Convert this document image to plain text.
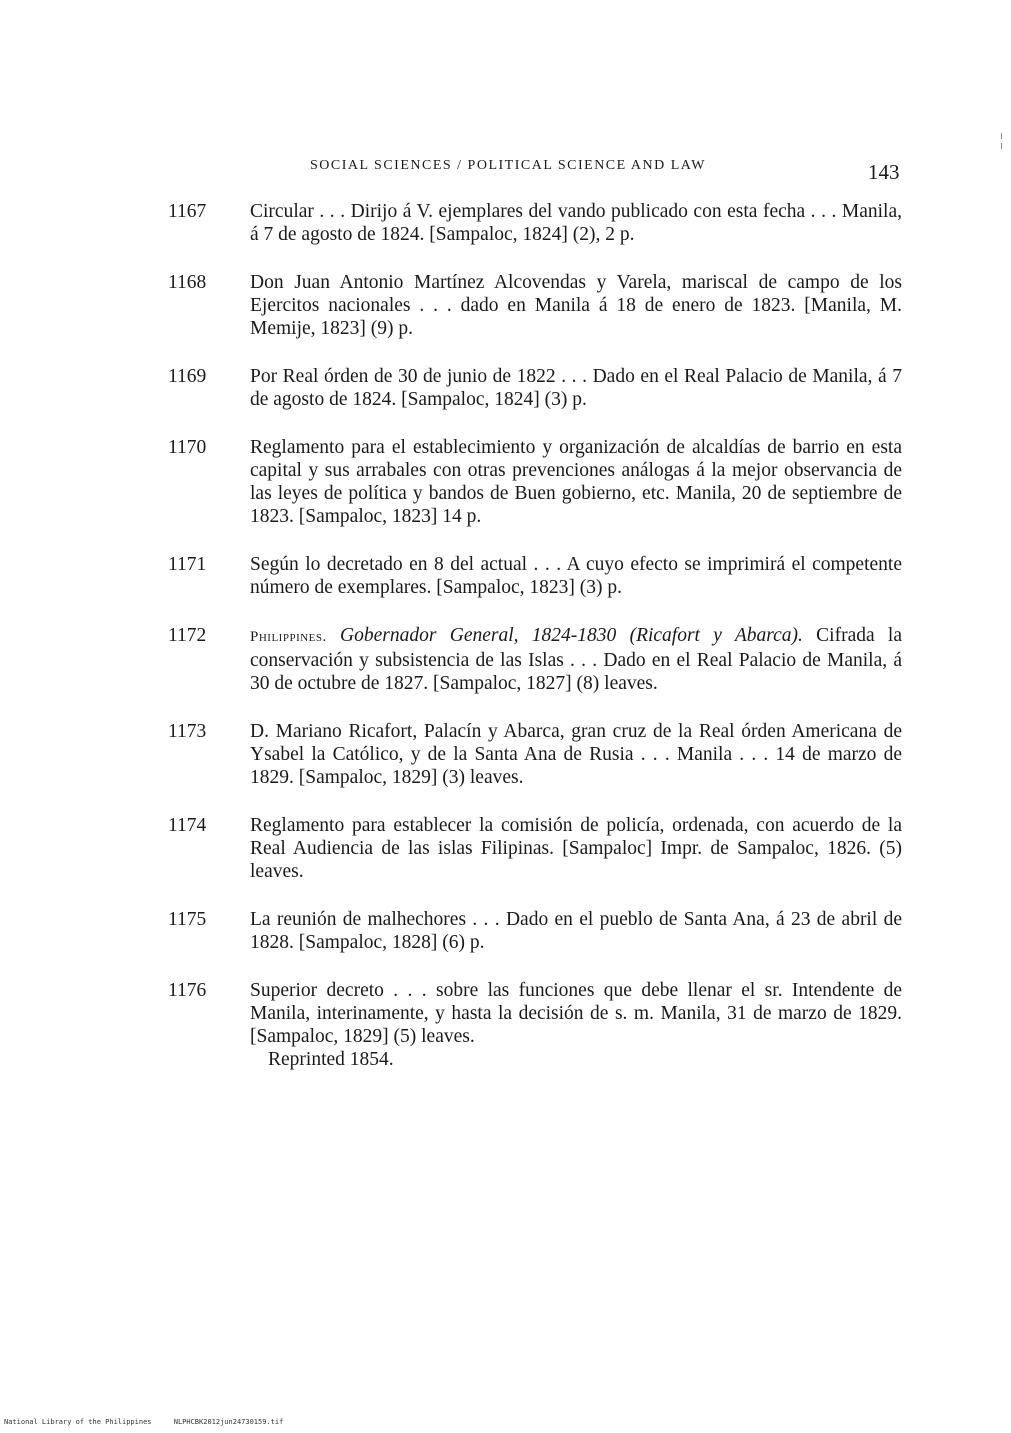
SOCIAL SCIENCES / POLITICAL SCIENCE AND LAW	143
1167	Circular . . . Dirijo á V. ejemplares del vando publicado con esta fecha . . . Manila, á 7 de agosto de 1824. [Sampaloc, 1824] (2), 2 p.
1168	Don Juan Antonio Martínez Alcovendas y Varela, mariscal de campo de los Ejercitos nacionales . . . dado en Manila á 18 de enero de 1823. [Manila, M. Memije, 1823] (9) p.
1169	Por Real órden de 30 de junio de 1822 . . . Dado en el Real Palacio de Manila, á 7 de agosto de 1824. [Sampaloc, 1824] (3) p.
1170	Reglamento para el establecimiento y organización de alcaldías de barrio en esta capital y sus arrabales con otras prevenciones análogas á la mejor observancia de las leyes de política y bandos de Buen gobierno, etc. Manila, 20 de septiembre de 1823. [Sampaloc, 1823] 14 p.
1171	Según lo decretado en 8 del actual . . . A cuyo efecto se imprimirá el competente número de exemplares. [Sampaloc, 1823] (3) p.
1172	Philippines. Gobernador General, 1824-1830 (Ricafort y Abarca). Cifrada la conservación y subsistencia de las Islas . . . Dado en el Real Palacio de Manila, á 30 de octubre de 1827. [Sampaloc, 1827] (8) leaves.
1173	D. Mariano Ricafort, Palacín y Abarca, gran cruz de la Real órden Americana de Ysabel la Católico, y de la Santa Ana de Rusia . . . Manila . . . 14 de marzo de 1829. [Sampaloc, 1829] (3) leaves.
1174	Reglamento para establecer la comisión de policía, ordenada, con acuerdo de la Real Audiencia de las islas Filipinas. [Sampaloc] Impr. de Sampaloc, 1826. (5) leaves.
1175	La reunión de malhechores . . . Dado en el pueblo de Santa Ana, á 23 de abril de 1828. [Sampaloc, 1828] (6) p.
1176	Superior decreto . . . sobre las funciones que debe llenar el sr. Intendente de Manila, interinamente, y hasta la decisión de s. m. Manila, 31 de marzo de 1829. [Sampaloc, 1829] (5) leaves.
Reprinted 1854.
National Library of the Philippines	NLPHCBK2012jun24730159.tif
